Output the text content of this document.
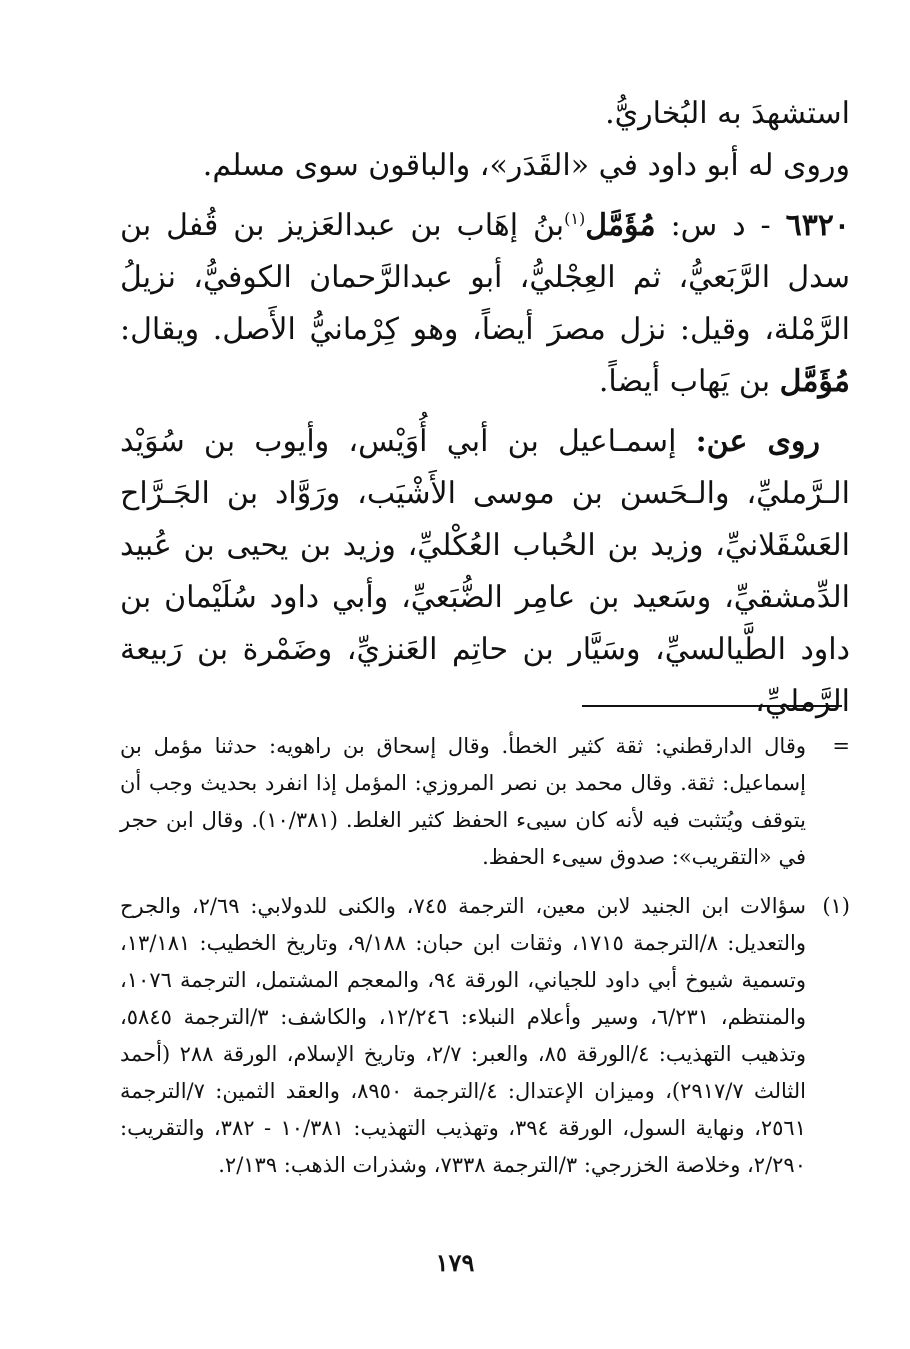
استشهدَ به البُخاريُّ.

وروى له أبو داود في «القَدَر»، والباقون سوى مسلم.

٦٣٢٠ - د س: مُؤَمَّل$^{(١)}$بنُ إهَاب بن عبدالعَزيز بن قُفل بن سدل الرَّبَعيُّ، ثم العِجْليُّ، أبو عبدالرَّحمان الكوفيُّ، نزيلُ الرَّمْلة، وقيل: نزل مصرَ أيضاً، وهو كِرْمانيُّ الأَصل. ويقال: مُؤَمَّل بن يَهاب أيضاً.

روى عن: إسمـاعيل بن أبي أُوَيْس، وأيوب بن سُوَيْد الـرَّمليِّ، والـحَسن بن موسى الأَشْيَب، ورَوَّاد بن الجَـرَّاح العَسْقَلانيِّ، وزيد بن الحُباب العُكْليِّ، وزيد بن يحيى بن عُبيد الدِّمشقيِّ، وسَعيد بن عامِر الضُّبَعيِّ، وأبي داود سُلَيْمان بن داود الطَّيالسيِّ، وسَيَّار بن حاتِم العَنزيِّ، وضَمْرة بن رَبيعة الرَّمليِّ،

=
وقال الدارقطني: ثقة كثير الخطأ. وقال إسحاق بن راهويه: حدثنا مؤمل بن إسماعيل: ثقة. وقال محمد بن نصر المروزي: المؤمل إذا انفرد بحديث وجب أن يتوقف ويُتثبت فيه لأنه كان سيىء الحفظ كثير الغلط. (١٠/٣٨١). وقال ابن حجر في «التقريب»: صدوق سيىء الحفظ.
(١)
سؤالات ابن الجنيد لابن معين، الترجمة ٧٤٥، والكنى للدولابي: ٢/٦٩، والجرح والتعديل: ٨/الترجمة ١٧١٥، وثقات ابن حبان: ٩/١٨٨، وتاريخ الخطيب: ١٣/١٨١، وتسمية شيوخ أبي داود للجياني، الورقة ٩٤، والمعجم المشتمل، الترجمة ١٠٧٦، والمنتظم، ٦/٢٣١، وسير وأعلام النبلاء: ١٢/٢٤٦، والكاشف: ٣/الترجمة ٥٨٤٥، وتذهيب التهذيب: ٤/الورقة ٨٥، والعبر: ٢/٧، وتاريخ الإسلام، الورقة ٢٨٨ (أحمد الثالث ٢٩١٧/٧)، وميزان الإعتدال: ٤/الترجمة ٨٩٥٠، والعقد الثمين: ٧/الترجمة ٢٥٦١، ونهاية السول، الورقة ٣٩٤، وتهذيب التهذيب: ١٠/٣٨١ - ٣٨٢، والتقريب: ٢/٢٩٠، وخلاصة الخزرجي: ٣/الترجمة ٧٣٣٨، وشذرات الذهب: ٢/١٣٩.
١٧٩
